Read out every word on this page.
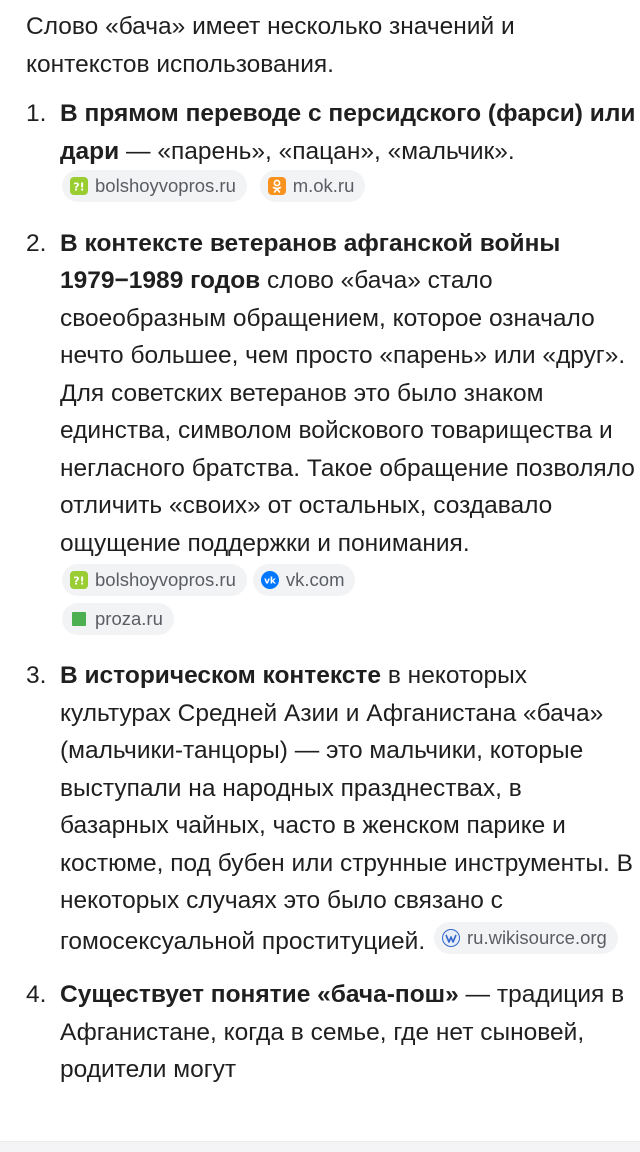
Слово «бача» имеет несколько значений и контекстов использования.

1. В прямом переводе с персидского (фарси) или дари — «парень», «пацан», «мальчик».
?! bolshoyvopros.ru
	m.ok.ru
2. В контексте ветеранов афганской войны 1979−1989 годов слово «бача» стало своеобразным обращением, которое означало нечто большее, чем просто «парень» или «друг». Для советских ветеранов это было знаком единства, символом войскового товарищества и негласного братства. Такое обращение позволяло отличить «своих» от остальных, создавало ощущение поддержки и понимания.
?! bolshoyvopros.ru	vk vk.com
proza.ru
3. В историческом контексте в некоторых культурах Средней Азии и Афганистана «бача» (мальчики-танцоры) — это мальчики, которые выступали на народных празднествах, в базарных чайных, часто в женском парике и костюме, под бубен или струнные инструменты. В некоторых случаях это было связано с гомосексуальной проституцией. ru.wikisource.org
4. Существует понятие «бача-пош» — традиция в Афганистане, когда в семье, где нет сыновей, родители могут
